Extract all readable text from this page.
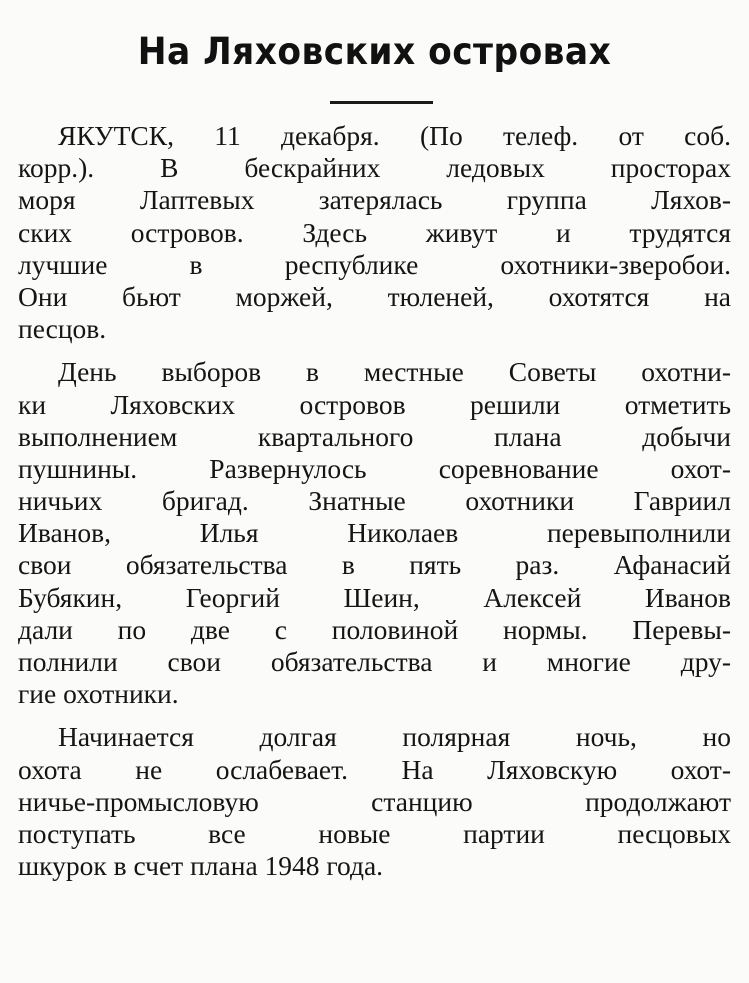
На Ляховских островах

ЯКУТСК, 11 декабря. (По телеф. от соб.
корр.). В бескрайних ледовых просторах
моря Лаптевых затерялась группа Ляхов-
ских островов. Здесь живут и трудятся
лучшие в республике охотники-зверобои.
Они бьют моржей, тюленей, охотятся на
песцов.

День выборов в местные Советы охотни-
ки Ляховских островов решили отметить
выполнением квартального плана добычи
пушнины. Развернулось соревнование охот-
ничьих бригад. Знатные охотники Гавриил
Иванов, Илья Николаев перевыполнили
свои обязательства в пять раз. Афанасий
Бубякин, Георгий Шеин, Алексей Иванов
дали по две с половиной нормы. Перевы-
полнили свои обязательства и многие дру-
гие охотники.

Начинается долгая полярная ночь, но
охота не ослабевает. На Ляховскую охот-
ничье-промысловую станцию продолжают
поступать все новые партии песцовых
шкурок в счет плана 1948 года.
